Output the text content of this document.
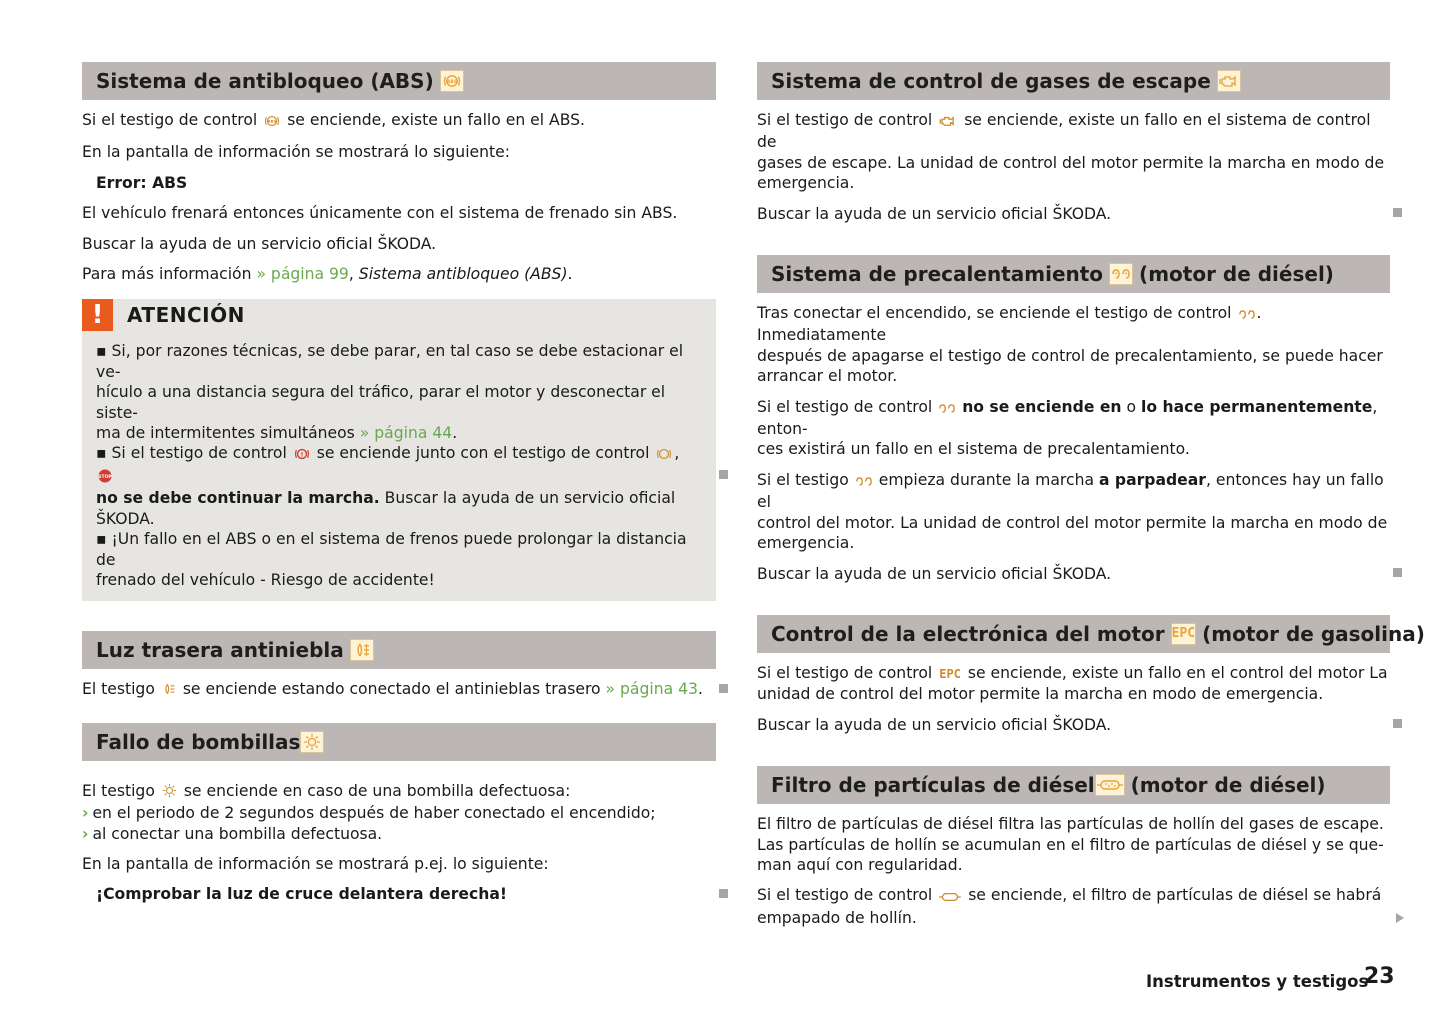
Sistema de antibloqueo (ABS)	ABS

Si el testigo de control ABS se enciende, existe un fallo en el ABS.

En la pantalla de información se mostrará lo siguiente:

Error: ABS

El vehículo frenará entonces únicamente con el sistema de frenado sin ABS.

Buscar la ayuda de un servicio oficial ŠKODA.

Para más información » página 99, Sistema antibloqueo (ABS).

!	ATENCIÓN
▪ Si, por razones técnicas, se debe parar, en tal caso se debe estacionar el ve-
hículo a una distancia segura del tráfico, parar el motor y desconectar el siste-
ma de intermitentes simultáneos » página 44.
▪ Si el testigo de control ! se enciende junto con el testigo de control ,
STOP
no se debe continuar la marcha. Buscar la ayuda de un servicio oficial ŠKODA.
▪ ¡Un fallo en el ABS o en el sistema de frenos puede prolongar la distancia de
frenado del vehículo - Riesgo de accidente!
Luz trasera antiniebla

El testigo se enciende estando conectado el antinieblas trasero » página 43.

Fallo de bombillas

El testigo se enciende en caso de una bombilla defectuosa:

› en el periodo de 2 segundos después de haber conectado el encendido;
› al conectar una bombilla defectuosa.

En la pantalla de información se mostrará p.ej. lo siguiente:

¡Comprobar la luz de cruce delantera derecha!

Sistema de control de gases de escape

Si el testigo de control se enciende, existe un fallo en el sistema de control de

gases de escape. La unidad de control del motor permite la marcha en modo de
emergencia.

Buscar la ayuda de un servicio oficial ŠKODA.

Sistema de precalentamiento (motor de diésel)

Tras conectar el encendido, se enciende el testigo de control . Inmediatamente

después de apagarse el testigo de control de precalentamiento, se puede hacer
arrancar el motor.

Si el testigo de control no se enciende en o lo hace permanentemente, enton-

ces existirá un fallo en el sistema de precalentamiento.

Si el testigo empieza durante la marcha a parpadear, entonces hay un fallo el

control del motor. La unidad de control del motor permite la marcha en modo de
emergencia.

Buscar la ayuda de un servicio oficial ŠKODA.

Control de la electrónica del motor EPC (motor de gasolina)

Si el testigo de control EPC se enciende, existe un fallo en el control del motor La

unidad de control del motor permite la marcha en modo de emergencia.

Buscar la ayuda de un servicio oficial ŠKODA.

Filtro de partículas de diésel (motor de diésel)

El filtro de partículas de diésel filtra las partículas de hollín del gases de escape.

Las partículas de hollín se acumulan en el filtro de partículas de diésel y se que-
man aquí con regularidad.

Si el testigo de control se enciende, el filtro de partículas de diésel se habrá

empapado de hollín.
Instrumentos y testigos
23
